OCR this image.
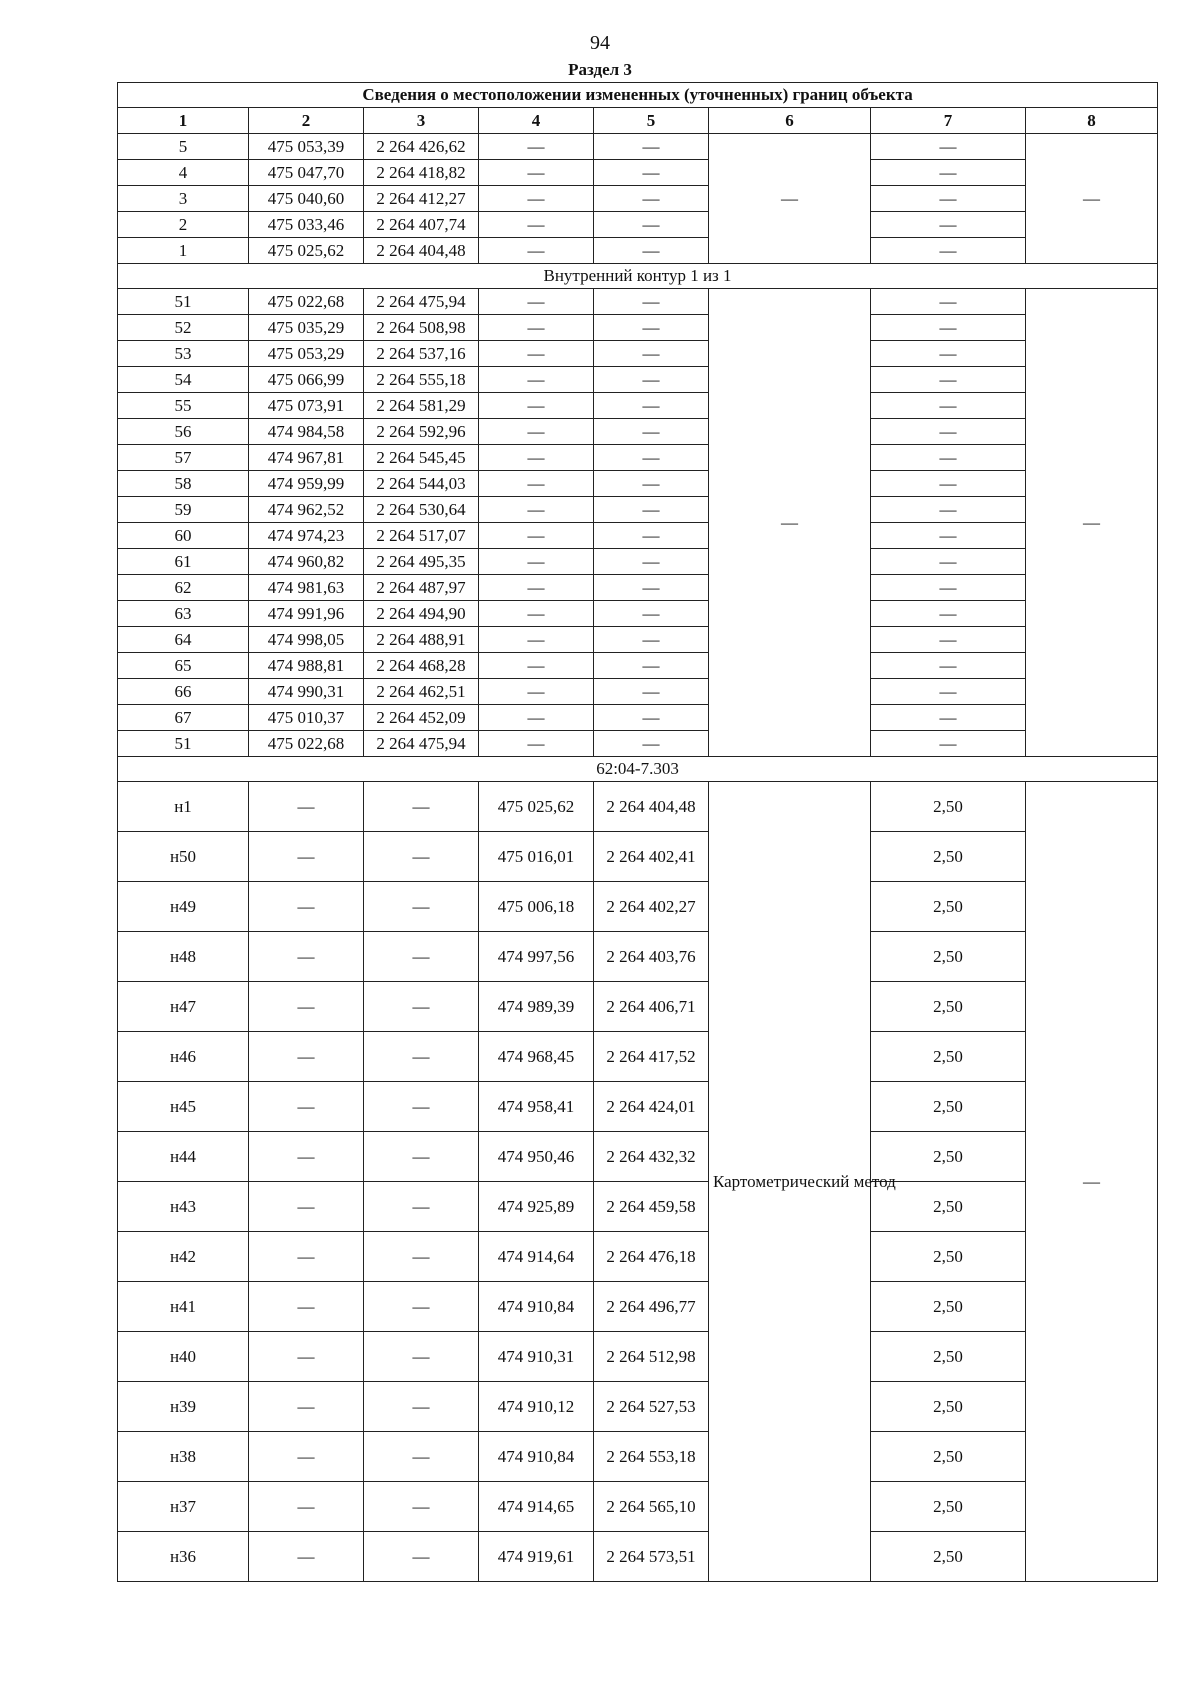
94
Раздел 3
Сведения о местоположении измененных (уточненных) границ объекта							
1	2	3	4	5	6	7	8
5	475 053,39	2 264 426,62	—	—	—	—	—
4	475 047,70	2 264 418,82	—	—		—	
3	475 040,60	2 264 412,27	—	—		—	
2	475 033,46	2 264 407,74	—	—		—	
1	475 025,62	2 264 404,48	—	—		—	
Внутренний контур 1 из 1							
51	475 022,68	2 264 475,94	—	—	—	—	—
52	475 035,29	2 264 508,98	—	—		—	
53	475 053,29	2 264 537,16	—	—		—	
54	475 066,99	2 264 555,18	—	—		—	
55	475 073,91	2 264 581,29	—	—		—	
56	474 984,58	2 264 592,96	—	—		—	
57	474 967,81	2 264 545,45	—	—		—	
58	474 959,99	2 264 544,03	—	—		—	
59	474 962,52	2 264 530,64	—	—		—	
60	474 974,23	2 264 517,07	—	—		—	
61	474 960,82	2 264 495,35	—	—		—	
62	474 981,63	2 264 487,97	—	—		—	
63	474 991,96	2 264 494,90	—	—		—	
64	474 998,05	2 264 488,91	—	—		—	
65	474 988,81	2 264 468,28	—	—		—	
66	474 990,31	2 264 462,51	—	—		—	
67	475 010,37	2 264 452,09	—	—		—	
51	475 022,68	2 264 475,94	—	—		—	
62:04-7.303							
н1	—	—	475 025,62	2 264 404,48	Картометрический метод	2,50	—
н50	—	—	475 016,01	2 264 402,41		2,50	
н49	—	—	475 006,18	2 264 402,27		2,50	
н48	—	—	474 997,56	2 264 403,76		2,50	
н47	—	—	474 989,39	2 264 406,71		2,50	
н46	—	—	474 968,45	2 264 417,52		2,50	
н45	—	—	474 958,41	2 264 424,01		2,50	
н44	—	—	474 950,46	2 264 432,32		2,50	
н43	—	—	474 925,89	2 264 459,58		2,50	
н42	—	—	474 914,64	2 264 476,18		2,50	
н41	—	—	474 910,84	2 264 496,77		2,50	
н40	—	—	474 910,31	2 264 512,98		2,50	
н39	—	—	474 910,12	2 264 527,53		2,50	
н38	—	—	474 910,84	2 264 553,18		2,50	
н37	—	—	474 914,65	2 264 565,10		2,50	
н36	—	—	474 919,61	2 264 573,51		2,50	
